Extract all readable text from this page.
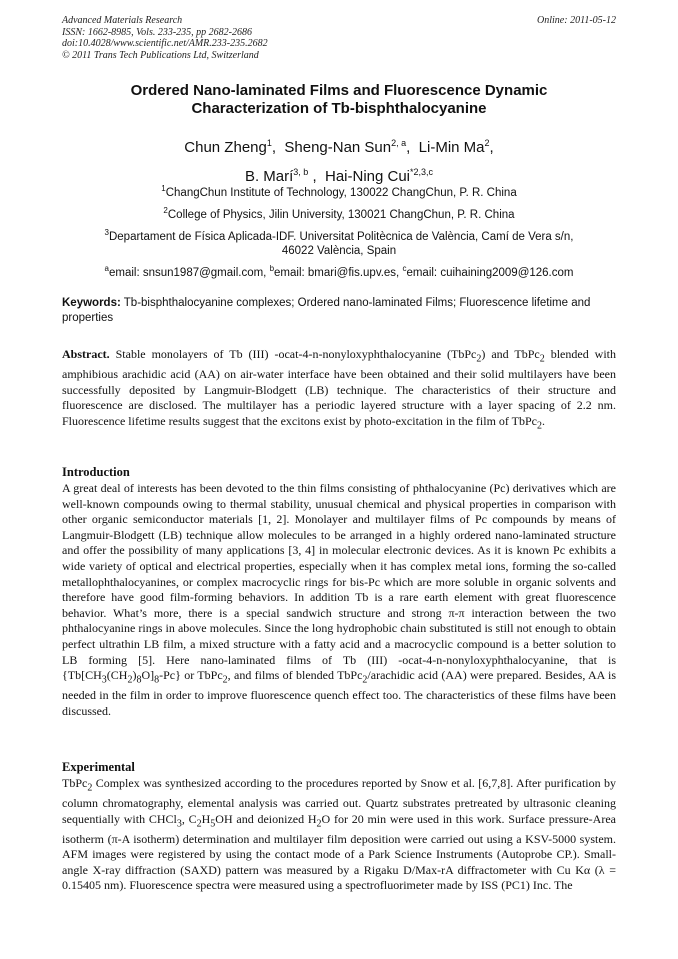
Advanced Materials Research
ISSN: 1662-8985, Vols. 233-235, pp 2682-2686
doi:10.4028/www.scientific.net/AMR.233-235.2682
© 2011 Trans Tech Publications Ltd, Switzerland
Online: 2011-05-12
Ordered Nano-laminated Films and Fluorescence Dynamic
Characterization of Tb-bisphthalocyanine
Chun Zheng$^1$,  Sheng-Nan Sun$^{2, a}$,  Li-Min Ma$^2$,
B. Marí$^{3, b}$ ,  Hai-Ning Cui$^{*2,3,c}$
$^1$ChangChun Institute of Technology, 130022 ChangChun, P. R. China
$^2$College of Physics, Jilin University, 130021 ChangChun, P. R. China
$^3$Departament de Física Aplicada-IDF. Universitat Politècnica de València, Camí de Vera s/n,
46022 València, Spain
$^a$email: snsun1987@gmail.com, $^b$email: bmari@fis.upv.es, $^c$email: cuihaining2009@126.com
Keywords: Tb-bisphthalocyanine complexes; Ordered nano-laminated Films; Fluorescence lifetime and properties
Abstract. Stable monolayers of Tb (III) -ocat-4-n-nonyloxyphthalocyanine (TbPc$_2$) and TbPc$_2$ blended with amphibious arachidic acid (AA) on air-water interface have been obtained and their solid multilayers have been successfully deposited by Langmuir-Blodgett (LB) technique. The characteristics of their structure and fluorescence are disclosed. The multilayer has a periodic layered structure with a layer spacing of 2.2 nm. Fluorescence lifetime results suggest that the excitons exist by photo-excitation in the film of TbPc$_2$.
Introduction
A great deal of interests has been devoted to the thin films consisting of phthalocyanine (Pc) derivatives which are well-known compounds owing to thermal stability, unusual chemical and physical properties in comparison with other organic semiconductor materials [1, 2]. Monolayer and multilayer films of Pc compounds by means of Langmuir-Blodgett (LB) technique allow molecules to be arranged in a highly ordered nano-laminated structure and offer the possibility of many applications [3, 4] in molecular electronic devices. As it is known Pc exhibits a wide variety of optical and electrical properties, especially when it has complex metal ions, forming the so-called metallophthalocyanines, or complex macrocyclic rings for bis-Pc which are more soluble in organic solvents and therefore have good film-forming behaviors. In addition Tb is a rare earth element with great fluorescence behavior. What’s more, there is a special sandwich structure and strong π-π interaction between the two phthalocyanine rings in above molecules. Since the long hydrophobic chain substituted is still not enough to obtain perfect ultrathin LB film, a mixed structure with a fatty acid and a macrocyclic compound is a better solution to LB forming [5]. Here nano-laminated films of Tb (III) -ocat-4-n-nonyloxyphthalocyanine, that is $\{Tb[CH_3(CH_2)_8O]_8-Pc\}$ or TbPc$_2$, and films of blended TbPc$_2$/arachidic acid (AA) were prepared. Besides, AA is needed in the film in order to improve fluorescence quench effect too. The characteristics of these films have been discussed.
Experimental
TbPc$_2$ Complex was synthesized according to the procedures reported by Snow et al. [6,7,8]. After purification by column chromatography, elemental analysis was carried out. Quartz substrates pretreated by ultrasonic cleaning sequentially with CHCl$_3$, $C_2H_5OH$ and deionized $H_2O$ for 20 min were used in this work. Surface pressure-Area isotherm (π-A isotherm) determination and multilayer film deposition were carried out using a KSV-5000 system. AFM images were registered by using the contact mode of a Park Science Instruments (Autoprobe CP.). Small-angle X-ray diffraction (SAXD) pattern was measured by a Rigaku D/Max-rA diffractometer with Cu Kα (λ = 0.15405 nm). Fluorescence spectra were measured using a spectrofluorimeter made by ISS (PC1) Inc. The
